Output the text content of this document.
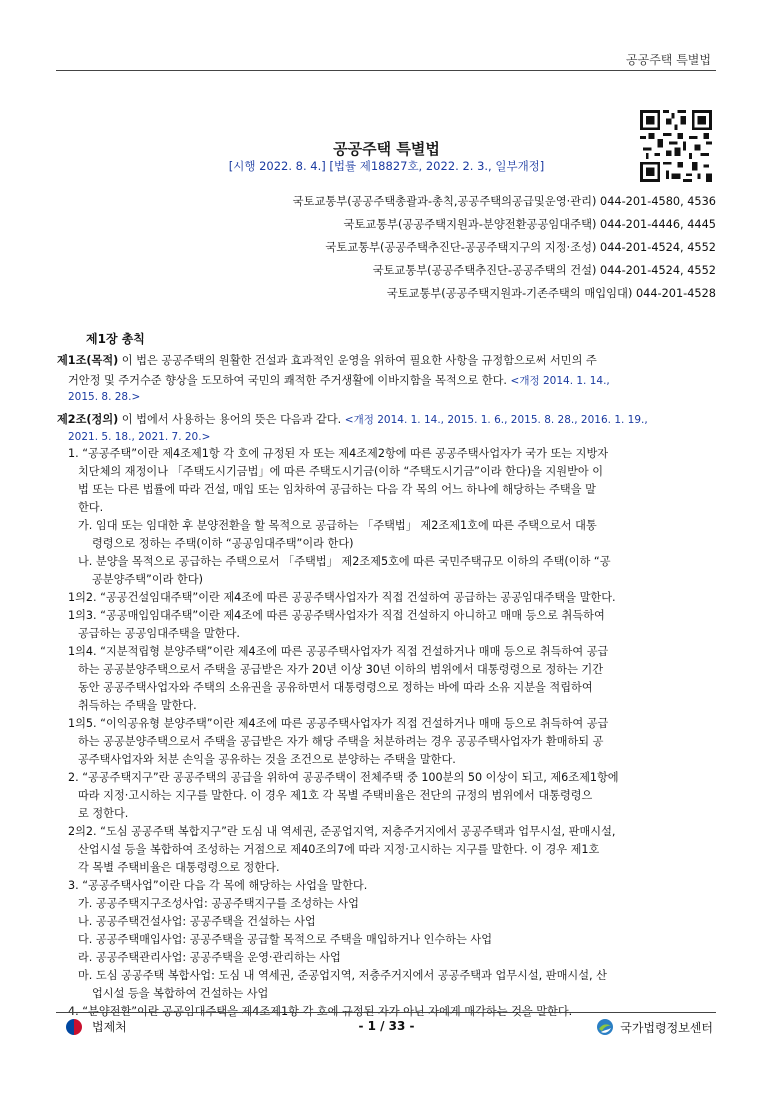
공공주택 특별법
공공주택 특별법
[시행 2022. 8. 4.] [법률 제18827호, 2022. 2. 3., 일부개정]
국토교통부(공공주택총괄과-총칙,공공주택의공급및운영·관리) 044-201-4580, 4536
국토교통부(공공주택지원과-분양전환공공임대주택) 044-201-4446, 4445
국토교통부(공공주택추진단-공공주택지구의 지정·조성) 044-201-4524, 4552
국토교통부(공공주택추진단-공공주택의 건설) 044-201-4524, 4552
국토교통부(공공주택지원과-기존주택의 매입임대) 044-201-4528
제1장 총칙
제1조(목적) 이 법은 공공주택의 원활한 건설과 효과적인 운영을 위하여 필요한 사항을 규정함으로써 서민의 주
거안정 및 주거수준 향상을 도모하여 국민의 쾌적한 주거생활에 이바지함을 목적으로 한다. <개정 2014. 1. 14.,
2015. 8. 28.>
제2조(정의) 이 법에서 사용하는 용어의 뜻은 다음과 같다. <개정 2014. 1. 14., 2015. 1. 6., 2015. 8. 28., 2016. 1. 19.,
2021. 5. 18., 2021. 7. 20.>
1. “공공주택”이란 제4조제1항 각 호에 규정된 자 또는 제4조제2항에 따른 공공주택사업자가 국가 또는 지방자
치단체의 재정이나 「주택도시기금법」에 따른 주택도시기금(이하 “주택도시기금”이라 한다)을 지원받아 이
법 또는 다른 법률에 따라 건설, 매입 또는 임차하여 공급하는 다음 각 목의 어느 하나에 해당하는 주택을 말
한다.
가. 임대 또는 임대한 후 분양전환을 할 목적으로 공급하는 「주택법」 제2조제1호에 따른 주택으로서 대통
령령으로 정하는 주택(이하 “공공임대주택”이라 한다)
나. 분양을 목적으로 공급하는 주택으로서 「주택법」 제2조제5호에 따른 국민주택규모 이하의 주택(이하 “공
공분양주택”이라 한다)
1의2. “공공건설임대주택”이란 제4조에 따른 공공주택사업자가 직접 건설하여 공급하는 공공임대주택을 말한다.
1의3. “공공매입임대주택”이란 제4조에 따른 공공주택사업자가 직접 건설하지 아니하고 매매 등으로 취득하여
공급하는 공공임대주택을 말한다.
1의4. “지분적립형 분양주택”이란 제4조에 따른 공공주택사업자가 직접 건설하거나 매매 등으로 취득하여 공급
하는 공공분양주택으로서 주택을 공급받은 자가 20년 이상 30년 이하의 범위에서 대통령령으로 정하는 기간
동안 공공주택사업자와 주택의 소유권을 공유하면서 대통령령으로 정하는 바에 따라 소유 지분을 적립하여
취득하는 주택을 말한다.
1의5. “이익공유형 분양주택”이란 제4조에 따른 공공주택사업자가 직접 건설하거나 매매 등으로 취득하여 공급
하는 공공분양주택으로서 주택을 공급받은 자가 해당 주택을 처분하려는 경우 공공주택사업자가 환매하되 공
공주택사업자와 처분 손익을 공유하는 것을 조건으로 분양하는 주택을 말한다.
2. “공공주택지구”란 공공주택의 공급을 위하여 공공주택이 전체주택 중 100분의 50 이상이 되고, 제6조제1항에
따라 지정·고시하는 지구를 말한다. 이 경우 제1호 각 목별 주택비율은 전단의 규정의 범위에서 대통령령으
로 정한다.
2의2. “도심 공공주택 복합지구”란 도심 내 역세권, 준공업지역, 저층주거지에서 공공주택과 업무시설, 판매시설,
산업시설 등을 복합하여 조성하는 거점으로 제40조의7에 따라 지정·고시하는 지구를 말한다. 이 경우 제1호
각 목별 주택비율은 대통령령으로 정한다.
3. “공공주택사업”이란 다음 각 목에 해당하는 사업을 말한다.
가. 공공주택지구조성사업: 공공주택지구를 조성하는 사업
나. 공공주택건설사업: 공공주택을 건설하는 사업
다. 공공주택매입사업: 공공주택을 공급할 목적으로 주택을 매입하거나 인수하는 사업
라. 공공주택관리사업: 공공주택을 운영·관리하는 사업
마. 도심 공공주택 복합사업: 도심 내 역세권, 준공업지역, 저층주거지에서 공공주택과 업무시설, 판매시설, 산
업시설 등을 복합하여 건설하는 사업
4. “분양전환”이란 공공임대주택을 제4조제1항 각 호에 규정된 자가 아닌 자에게 매각하는 것을 말한다.
법제처	- 1 / 33 -	국가법령정보센터
